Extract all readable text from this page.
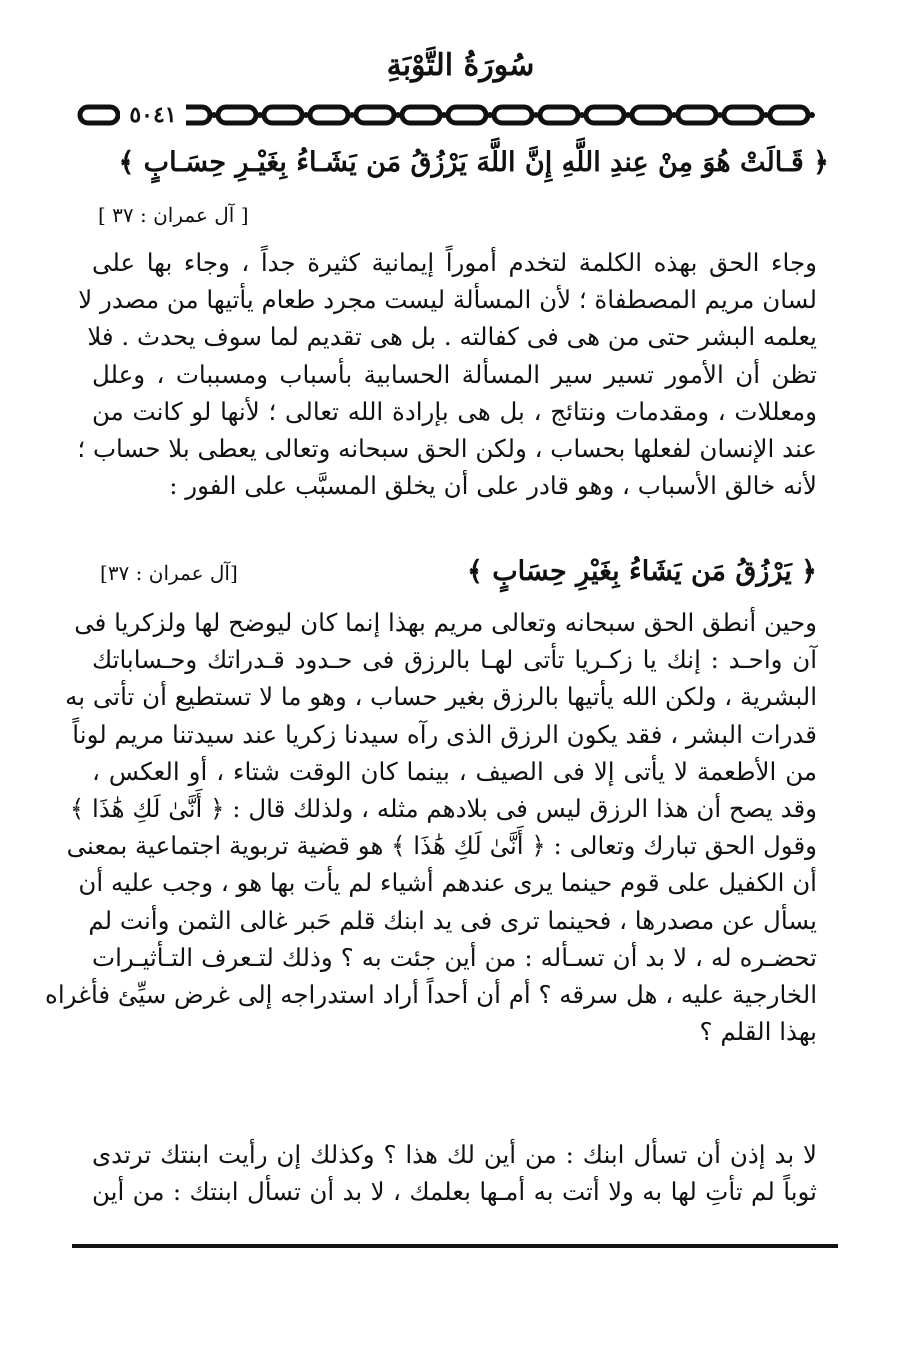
سُورَةُ التَّوْبَةِ
٥٠٤١
﴿ قَـالَتْ هُوَ مِنْ عِندِ اللَّهِ إِنَّ اللَّهَ يَرْزُقُ مَن يَشَـاءُ بِغَيْـرِ حِسَـابٍ ﴾
[ آل عمران : ٣٧ ]
وجاء الحق بهذه الكلمة لتخدم أموراً إيمانية كثيرة جداً ، وجاء بها على
لسان مريم المصطفاة ؛ لأن المسألة ليست مجرد طعام يأتيها من مصدر لا
يعلمه البشر حتى من هى فى كفالته . بل هى تقديم لما سوف يحدث . فلا
تظن أن الأمور تسير سير المسألة الحسابية بأسباب ومسببات ، وعلل
ومعللات ، ومقدمات ونتائج ، بل هى بإرادة الله تعالى ؛ لأنها لو كانت من
عند الإنسان لفعلها بحساب ، ولكن الحق سبحانه وتعالى يعطى بلا حساب ؛
لأنه خالق الأسباب ، وهو قادر على أن يخلق المسبَّب على الفور :
﴿ يَرْزُقُ مَن يَشَاءُ بِغَيْرِ حِسَابٍ ﴾
[آل عمران : ٣٧]
وحين أنطق الحق سبحانه وتعالى مريم بهذا إنما كان ليوضح لها ولزكريا فى
آن واحـد : إنك يا زكـريا تأتى لهـا بالرزق فى حـدود قـدراتك وحـساباتك
البشرية ، ولكن الله يأتيها بالرزق بغير حساب ، وهو ما لا تستطيع أن تأتى به
قدرات البشر ، فقد يكون الرزق الذى رآه سيدنا زكريا عند سيدتنا مريم لوناً
من الأطعمة لا يأتى إلا فى الصيف ، بينما كان الوقت شتاء ، أو العكس ،
وقد يصح أن هذا الرزق ليس فى بلادهم مثله ، ولذلك قال : ﴿ أَنَّىٰ لَكِ هَٰذَا ﴾
وقول الحق تبارك وتعالى : ﴿ أَنَّىٰ لَكِ هَٰذَا ﴾ هو قضية تربوية اجتماعية بمعنى
أن الكفيل على قوم حينما يرى عندهم أشياء لم يأت بها هو ، وجب عليه أن
يسأل عن مصدرها ، فحينما ترى فى يد ابنك قلم حَبر غالى الثمن وأنت لم
تحضـره له ، لا بد أن تسـأله : من أين جئت به ؟ وذلك لتـعرف التـأثيـرات
الخارجية عليه ، هل سرقه ؟ أم أن أحداً أراد استدراجه إلى غرض سيِّئ فأغراه
بهذا القلم ؟
لا بد إذن أن تسأل ابنك : من أين لك هذا ؟ وكذلك إن رأيت ابنتك ترتدى
ثوباً لم تأتِ لها به ولا أتت به أمـها بعلمك ، لا بد أن تسأل ابنتك : من أين
